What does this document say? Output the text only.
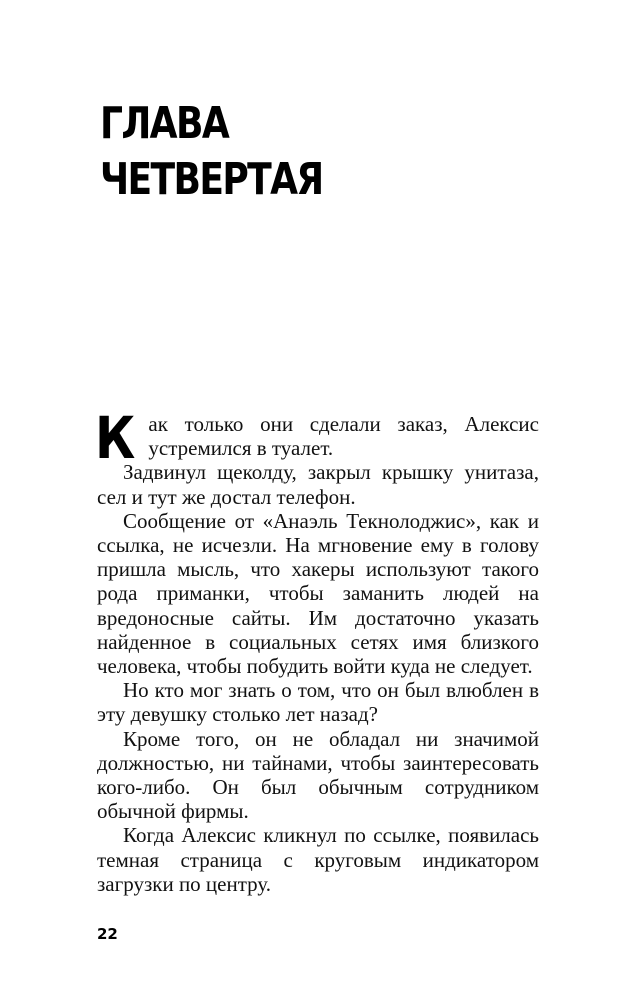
ГЛАВА
ЧЕТВЕРТАЯ

Как только они сделали заказ, Алексис устремился в туалет.

Задвинул щеколду, закрыл крышку унитаза, сел и тут же достал телефон.

Сообщение от «Анаэль Текнолоджис», как и ссылка, не исчезли. На мгновение ему в голову пришла мысль, что хакеры используют такого рода приманки, чтобы заманить людей на вредоносные сайты. Им достаточно указать найденное в социальных сетях имя близкого человека, чтобы побудить войти куда не следует.

Но кто мог знать о том, что он был влюблен в эту девушку столько лет назад?

Кроме того, он не обладал ни значимой должностью, ни тайнами, чтобы заинтересовать кого-либо. Он был обычным сотрудником обычной фирмы.

Когда Алексис кликнул по ссылке, появилась темная страница с круговым индикатором загрузки по центру.

22
